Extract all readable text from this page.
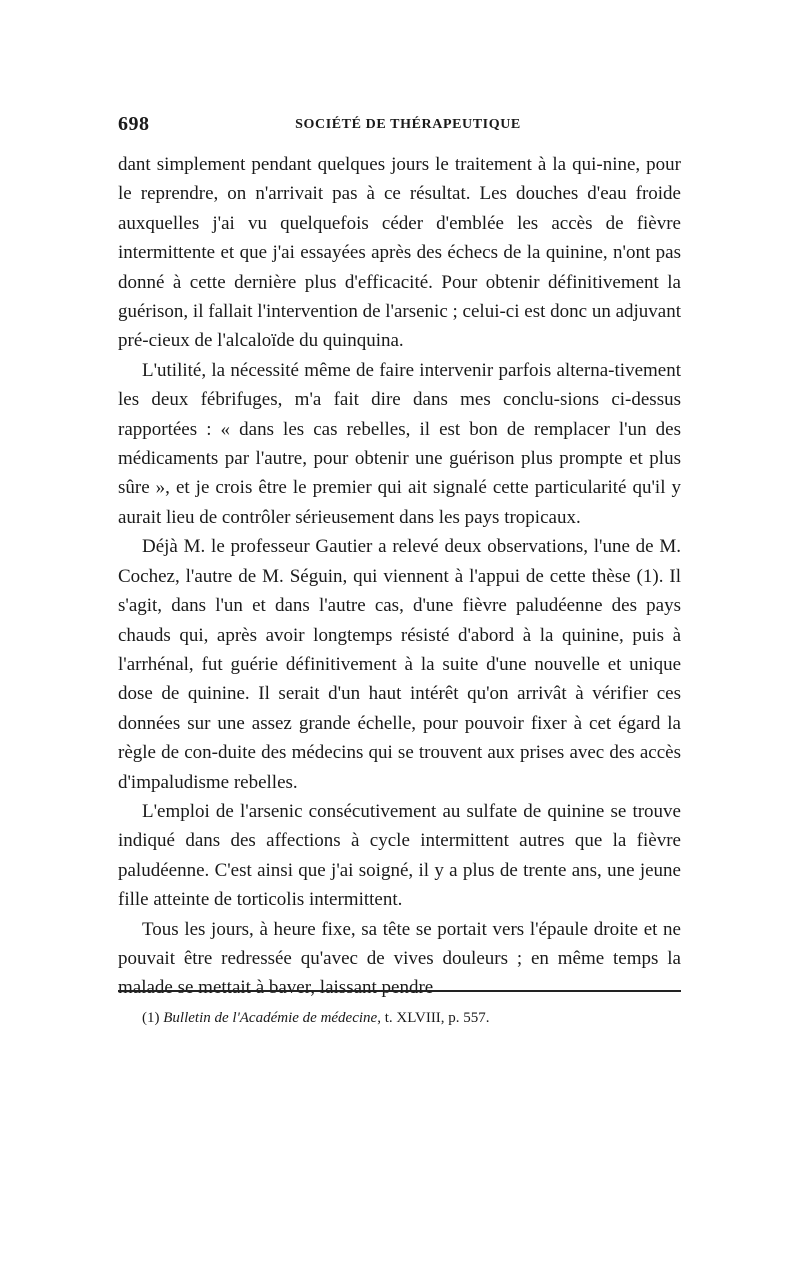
698	SOCIÉTÉ DE THÉRAPEUTIQUE

dant simplement pendant quelques jours le traitement à la qui-nine, pour le reprendre, on n'arrivait pas à ce résultat. Les douches d'eau froide auxquelles j'ai vu quelquefois céder d'emblée les accès de fièvre intermittente et que j'ai essayées après des échecs de la quinine, n'ont pas donné à cette dernière plus d'efficacité. Pour obtenir définitivement la guérison, il fallait l'intervention de l'arsenic ; celui-ci est donc un adjuvant pré-cieux de l'alcaloïde du quinquina.

L'utilité, la nécessité même de faire intervenir parfois alterna-tivement les deux fébrifuges, m'a fait dire dans mes conclu-sions ci-dessus rapportées : « dans les cas rebelles, il est bon de remplacer l'un des médicaments par l'autre, pour obtenir une guérison plus prompte et plus sûre », et je crois être le premier qui ait signalé cette particularité qu'il y aurait lieu de contrôler sérieusement dans les pays tropicaux.

Déjà M. le professeur Gautier a relevé deux observations, l'une de M. Cochez, l'autre de M. Séguin, qui viennent à l'appui de cette thèse (1). Il s'agit, dans l'un et dans l'autre cas, d'une fièvre paludéenne des pays chauds qui, après avoir longtemps résisté d'abord à la quinine, puis à l'arrhénal, fut guérie définitivement à la suite d'une nouvelle et unique dose de quinine. Il serait d'un haut intérêt qu'on arrivât à vérifier ces données sur une assez grande échelle, pour pouvoir fixer à cet égard la règle de con-duite des médecins qui se trouvent aux prises avec des accès d'impaludisme rebelles.

L'emploi de l'arsenic consécutivement au sulfate de quinine se trouve indiqué dans des affections à cycle intermittent autres que la fièvre paludéenne. C'est ainsi que j'ai soigné, il y a plus de trente ans, une jeune fille atteinte de torticolis intermittent.

Tous les jours, à heure fixe, sa tête se portait vers l'épaule droite et ne pouvait être redressée qu'avec de vives douleurs ; en même temps la malade se mettait à baver, laissant pendre

(1) Bulletin de l'Académie de médecine, t. XLVIII, p. 557.
